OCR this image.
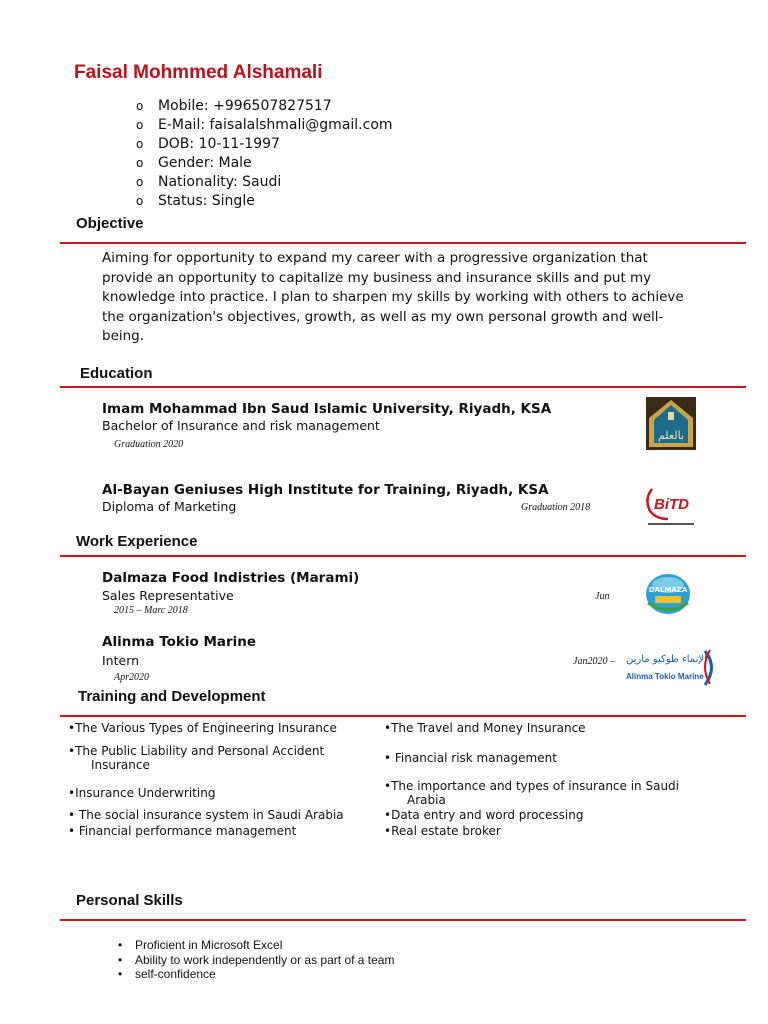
Faisal Mohmmed Alshamali
o	Mobile: +996507827517
o	E-Mail: faisalalshmali@gmail.com
o	DOB: 10-11-1997
o	Gender: Male
o	Nationality: Saudi
o	Status: Single
Objective
Aiming for opportunity to expand my career with a progressive organization that
provide an opportunity to capitalize my business and insurance skills and put my
knowledge into practice. I plan to sharpen my skills by working with others to achieve
the organization's objectives, growth, as well as my own personal growth and well-
being.
Education
Imam Mohammad Ibn Saud Islamic University, Riyadh, KSA
Bachelor of Insurance and risk management
Graduation 2020
بالعلم
Al-Bayan Geniuses High Institute for Training, Riyadh, KSA
Diploma of Marketing	Graduation 2018	BiTD
Work Experience
Dalmaza Food Indistries (Marami)
Sales Representative	Jun
2015 – Marc 2018
DALMAZA
Alinma Tokio Marine
Intern	Jan2020 –
Apr2020
الإنماء طوكيو مارين
Alinma Tokio Marine
Training and Development
•The Various Types of Engineering Insurance
•The Public Liability and Personal Accident
Insurance
•Insurance Underwriting
• The social insurance system in Saudi Arabia
• Financial performance management
•The Travel and Money Insurance
• Financial risk management
•The importance and types of insurance in Saudi
Arabia
•Data entry and word processing
•Real estate broker
Personal Skills
•	Proficient in Microsoft Excel
•	Ability to work independently or as part of a team
•	self-confidence
